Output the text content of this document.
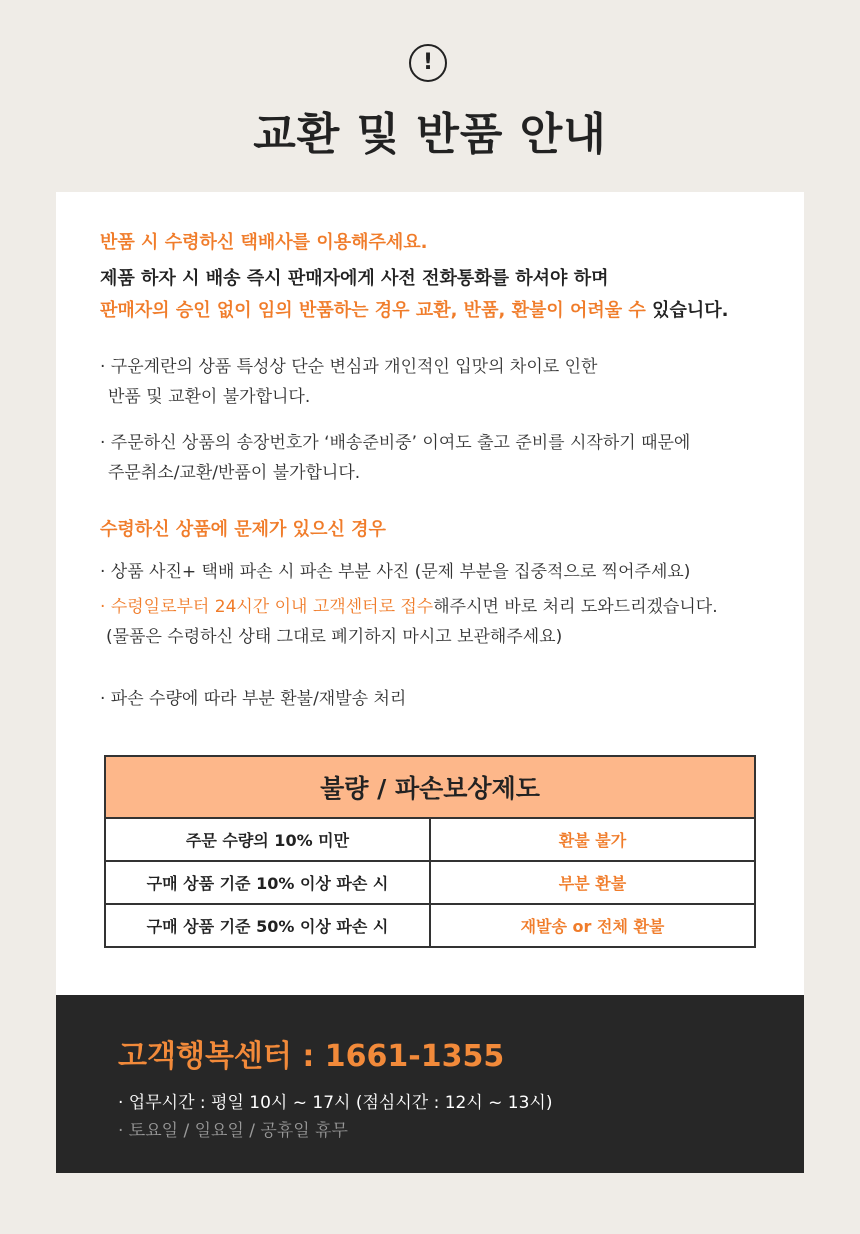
!
교환 및 반품 안내
반품 시 수령하신 택배사를 이용해주세요.
제품 하자 시 배송 즉시 판매자에게 사전 전화통화를 하셔야 하며
판매자의 승인 없이 임의 반품하는 경우 교환, 반품, 환불이 어려울 수 있습니다.
· 구운계란의 상품 특성상 단순 변심과 개인적인 입맛의 차이로 인한
반품 및 교환이 불가합니다.
· 주문하신 상품의 송장번호가 ‘배송준비중’ 이여도 출고 준비를 시작하기 때문에
주문취소/교환/반품이 불가합니다.
수령하신 상품에 문제가 있으신 경우
· 상품 사진+ 택배 파손 시 파손 부분 사진 (문제 부분을 집중적으로 찍어주세요)
· 수령일로부터 24시간 이내 고객센터로 접수해주시면 바로 처리 도와드리겠습니다.
(물품은 수령하신 상태 그대로 폐기하지 마시고 보관해주세요)
· 파손 수량에 따라 부분 환불/재발송 처리
불량 / 파손보상제도
주문 수량의 10% 미만	환불 불가
구매 상품 기준 10% 이상 파손 시	부분 환불
구매 상품 기준 50% 이상 파손 시	재발송 or 전체 환불
고객행복센터 : 1661-1355
· 업무시간 : 평일 10시 ~ 17시 (점심시간 : 12시 ~ 13시)
· 토요일 / 일요일 / 공휴일 휴무
